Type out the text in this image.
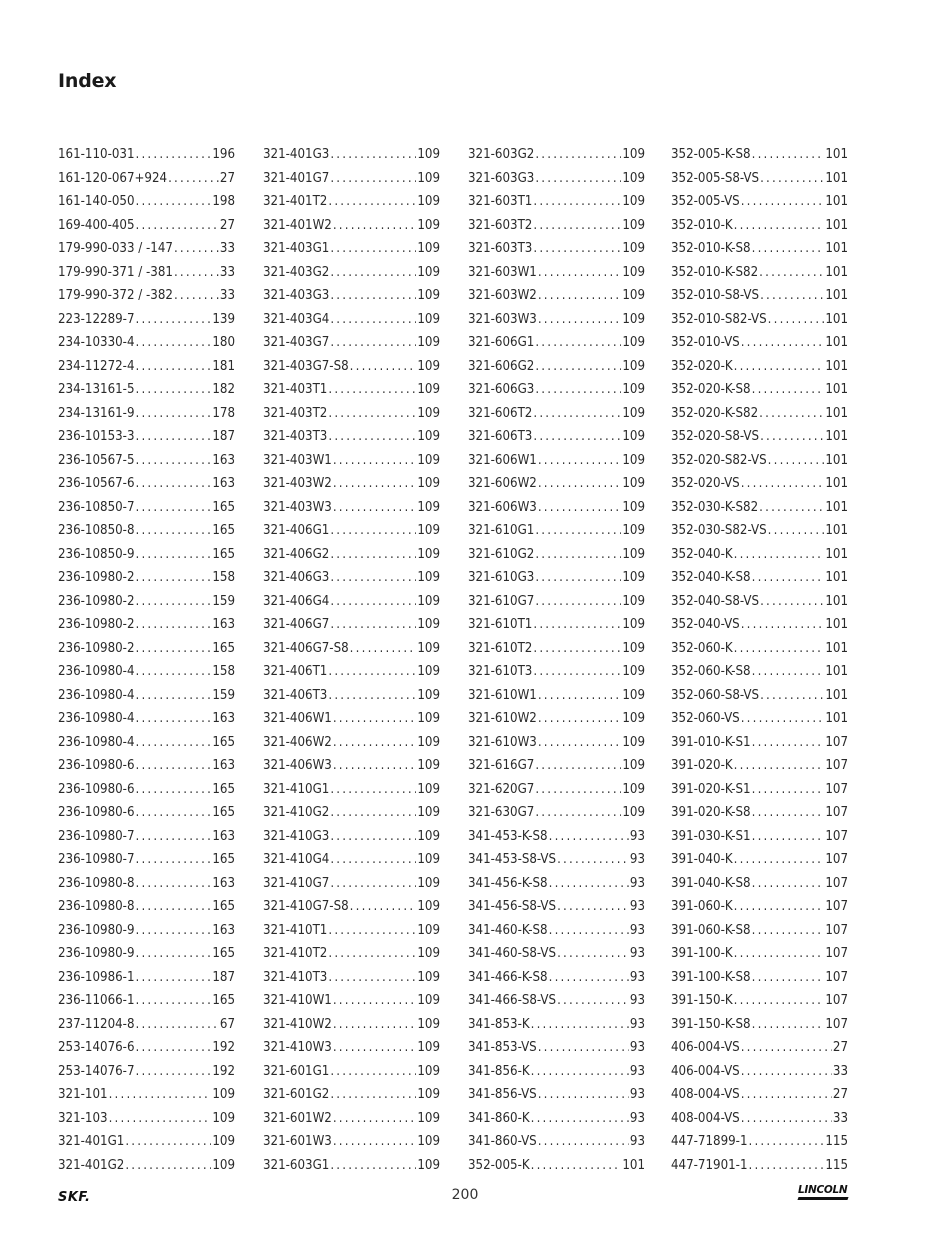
Index
161-110-031 .....	196
161-120-067+924 .....	27
161-140-050 .....	198
169-400-405 .....	27
179-990-033 / -147 .....	33
179-990-371 / -381 .....	33
179-990-372 / -382 .....	33
223-12289-7 .....	139
234-10330-4 .....	180
234-11272-4 .....	181
234-13161-5 .....	182
234-13161-9 .....	178
236-10153-3 .....	187
236-10567-5 .....	163
236-10567-6 .....	163
236-10850-7 .....	165
236-10850-8 .....	165
236-10850-9 .....	165
236-10980-2 .....	158
236-10980-2 .....	159
236-10980-2 .....	163
236-10980-2 .....	165
236-10980-4 .....	158
236-10980-4 .....	159
236-10980-4 .....	163
236-10980-4 .....	165
236-10980-6 .....	163
236-10980-6 .....	165
236-10980-6 .....	165
236-10980-7 .....	163
236-10980-7 .....	165
236-10980-8 .....	163
236-10980-8 .....	165
236-10980-9 .....	163
236-10980-9 .....	165
236-10986-1 .....	187
236-11066-1 .....	165
237-11204-8 .....	67
253-14076-6 .....	192
253-14076-7 .....	192
321-101 .....	109
321-103 .....	109
321-401G1 .....	109
321-401G2 .....	109
321-401G3 .....	109
321-401G7 .....	109
321-401T2 .....	109
321-401W2 .....	109
321-403G1 .....	109
321-403G2 .....	109
321-403G3 .....	109
321-403G4 .....	109
321-403G7 .....	109
321-403G7-S8 .....	109
321-403T1 .....	109
321-403T2 .....	109
321-403T3 .....	109
321-403W1 .....	109
321-403W2 .....	109
321-403W3 .....	109
321-406G1 .....	109
321-406G2 .....	109
321-406G3 .....	109
321-406G4 .....	109
321-406G7 .....	109
321-406G7-S8 .....	109
321-406T1 .....	109
321-406T3 .....	109
321-406W1 .....	109
321-406W2 .....	109
321-406W3 .....	109
321-410G1 .....	109
321-410G2 .....	109
321-410G3 .....	109
321-410G4 .....	109
321-410G7 .....	109
321-410G7-S8 .....	109
321-410T1 .....	109
321-410T2 .....	109
321-410T3 .....	109
321-410W1 .....	109
321-410W2 .....	109
321-410W3 .....	109
321-601G1 .....	109
321-601G2 .....	109
321-601W2 .....	109
321-601W3 .....	109
321-603G1 .....	109
321-603G2 .....	109
321-603G3 .....	109
321-603T1 .....	109
321-603T2 .....	109
321-603T3 .....	109
321-603W1 .....	109
321-603W2 .....	109
321-603W3 .....	109
321-606G1 .....	109
321-606G2 .....	109
321-606G3 .....	109
321-606T2 .....	109
321-606T3 .....	109
321-606W1 .....	109
321-606W2 .....	109
321-606W3 .....	109
321-610G1 .....	109
321-610G2 .....	109
321-610G3 .....	109
321-610G7 .....	109
321-610T1 .....	109
321-610T2 .....	109
321-610T3 .....	109
321-610W1 .....	109
321-610W2 .....	109
321-610W3 .....	109
321-616G7 .....	109
321-620G7 .....	109
321-630G7 .....	109
341-453-K-S8 .....	93
341-453-S8-VS .....	93
341-456-K-S8 .....	93
341-456-S8-VS .....	93
341-460-K-S8 .....	93
341-460-S8-VS .....	93
341-466-K-S8 .....	93
341-466-S8-VS .....	93
341-853-K .....	93
341-853-VS .....	93
341-856-K .....	93
341-856-VS .....	93
341-860-K .....	93
341-860-VS .....	93
352-005-K .....	101
352-005-K-S8 .....	101
352-005-S8-VS .....	101
352-005-VS .....	101
352-010-K .....	101
352-010-K-S8 .....	101
352-010-K-S82 .....	101
352-010-S8-VS .....	101
352-010-S82-VS .....	101
352-010-VS .....	101
352-020-K .....	101
352-020-K-S8 .....	101
352-020-K-S82 .....	101
352-020-S8-VS .....	101
352-020-S82-VS .....	101
352-020-VS .....	101
352-030-K-S82 .....	101
352-030-S82-VS .....	101
352-040-K .....	101
352-040-K-S8 .....	101
352-040-S8-VS .....	101
352-040-VS .....	101
352-060-K .....	101
352-060-K-S8 .....	101
352-060-S8-VS .....	101
352-060-VS .....	101
391-010-K-S1 .....	107
391-020-K .....	107
391-020-K-S1 .....	107
391-020-K-S8 .....	107
391-030-K-S1 .....	107
391-040-K .....	107
391-040-K-S8 .....	107
391-060-K .....	107
391-060-K-S8 .....	107
391-100-K .....	107
391-100-K-S8 .....	107
391-150-K .....	107
391-150-K-S8 .....	107
406-004-VS .....	27
406-004-VS .....	33
408-004-VS .....	27
408-004-VS .....	33
447-71899-1 .....	115
447-71901-1 .....	115
SKF.	200	LINCOLN
